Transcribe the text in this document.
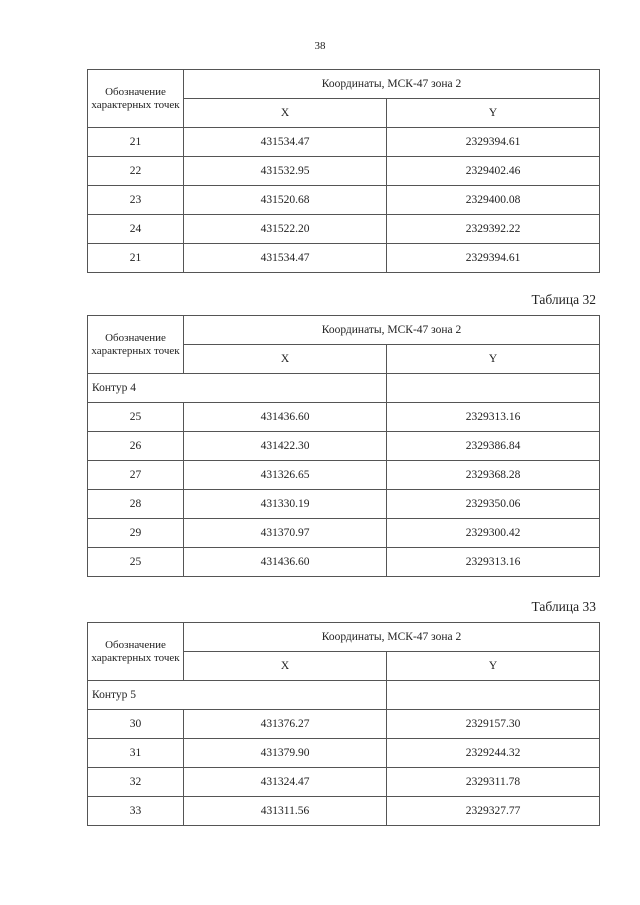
38
Обозначение характерных точек	Координаты, МСК-47 зона 2	
	X	Y
21	431534.47	2329394.61
22	431532.95	2329402.46
23	431520.68	2329400.08
24	431522.20	2329392.22
21	431534.47	2329394.61
Таблица 32
Обозначение характерных точек	Координаты, МСК-47 зона 2	
	X	Y
Контур 4		
25	431436.60	2329313.16
26	431422.30	2329386.84
27	431326.65	2329368.28
28	431330.19	2329350.06
29	431370.97	2329300.42
25	431436.60	2329313.16
Таблица 33
Обозначение характерных точек	Координаты, МСК-47 зона 2	
	X	Y
Контур 5		
30	431376.27	2329157.30
31	431379.90	2329244.32
32	431324.47	2329311.78
33	431311.56	2329327.77
